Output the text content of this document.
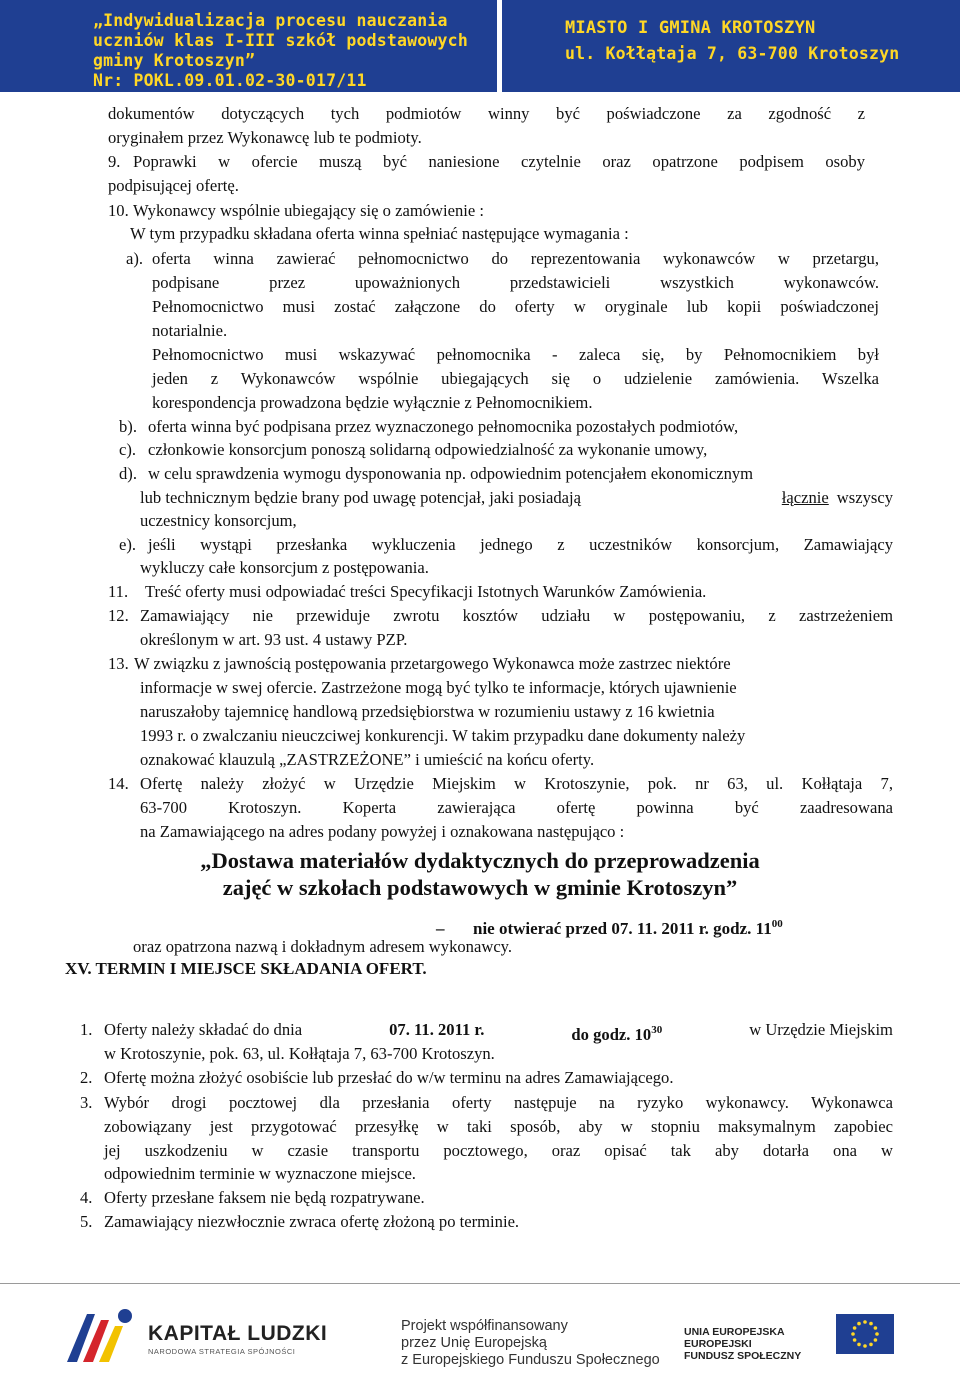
„Indywidualizacja procesu nauczania
uczniów klas I-III szkół podstawowych
gminy Krotoszyn”
Nr: POKL.09.01.02-30-017/11
MIASTO I GMINA KROTOSZYN
ul. Kołłątaja 7, 63-700 Krotoszyn
dokumentów dotyczących tych podmiotów winny być poświadczone za zgodność z
oryginałem przez Wykonawcę lub te podmioty.
9. Poprawki w ofercie muszą być naniesione czytelnie oraz opatrzone podpisem osoby
podpisującej ofertę.
10. Wykonawcy wspólnie ubiegający się o zamówienie :
W tym przypadku składana oferta winna spełniać następujące wymagania :
a). oferta winna zawierać pełnomocnictwo do reprezentowania wykonawców w przetargu,
podpisane przez upoważnionych przedstawicieli wszystkich wykonawców.
Pełnomocnictwo musi zostać załączone do oferty w oryginale lub kopii poświadczonej
notarialnie.
Pełnomocnictwo musi wskazywać pełnomocnika - zaleca się, by Pełnomocnikiem był
jeden z Wykonawców wspólnie ubiegających się o udzielenie zamówienia. Wszelka
korespondencja prowadzona będzie wyłącznie z Pełnomocnikiem.
b). oferta winna być podpisana przez wyznaczonego pełnomocnika pozostałych podmiotów,
c). członkowie konsorcjum ponoszą solidarną odpowiedzialność za wykonanie umowy,
d). w celu sprawdzenia wymogu dysponowania np. odpowiednim potencjałem ekonomicznym
lub technicznym będzie brany pod uwagę potencjał, jaki posiadają	łącznie wszyscy
uczestnicy konsorcjum,
e). jeśli wystąpi przesłanka wykluczenia jednego z uczestników konsorcjum, Zamawiający
wykluczy całe konsorcjum z postępowania.
11. Treść oferty musi odpowiadać treści Specyfikacji Istotnych Warunków Zamówienia.
12. Zamawiający nie przewiduje zwrotu kosztów udziału w postępowaniu, z zastrzeżeniem
określonym w art. 93 ust. 4 ustawy PZP.
13. W związku z jawnością postępowania przetargowego Wykonawca może zastrzec niektóre
informacje w swej ofercie. Zastrzeżone mogą być tylko te informacje, których ujawnienie
naruszałoby tajemnicę handlową przedsiębiorstwa w rozumieniu ustawy z 16 kwietnia
1993 r. o zwalczaniu nieuczciwej konkurencji. W takim przypadku dane dokumenty należy
oznakować klauzulą „ZASTRZEŻONE” i umieścić na końcu oferty.
14. Ofertę należy złożyć w Urzędzie Miejskim w Krotoszynie, pok. nr 63, ul. Kołłątaja 7,
63-700 Krotoszyn. Koperta zawierająca ofertę powinna być zaadresowana
na Zamawiającego na adres podany powyżej i oznakowana następująco :
„Dostawa materiałów dydaktycznych do przeprowadzenia
zajęć w szkołach podstawowych w gminie Krotoszyn”
– nie otwierać przed 07. 11. 2011 r. godz. $11^{00}$
oraz opatrzona nazwą i dokładnym adresem wykonawcy.
XV. TERMIN I MIEJSCE SKŁADANIA OFERT.
1. Oferty należy składać do dnia	07. 11. 2011 r.	do godz. $10^{30}$	w Urzędzie Miejskim
w Krotoszynie, pok. 63, ul. Kołłątaja 7, 63-700 Krotoszyn.
2. Ofertę można złożyć osobiście lub przesłać do w/w terminu na adres Zamawiającego.
3. Wybór drogi pocztowej dla przesłania oferty następuje na ryzyko wykonawcy. Wykonawca
zobowiązany jest przygotować przesyłkę w taki sposób, aby w stopniu maksymalnym zapobiec
jej uszkodzeniu w czasie transportu pocztowego, oraz opisać tak aby dotarła ona w
odpowiednim terminie w wyznaczone miejsce.
4. Oferty przesłane faksem nie będą rozpatrywane.
5. Zamawiający niezwłocznie zwraca ofertę złożoną po terminie.
KAPITAŁ LUDZKI
NARODOWA STRATEGIA SPÓJNOŚCI
Projekt współfinansowany
przez Unię Europejską
z Europejskiego Funduszu Społecznego
UNIA EUROPEJSKA
EUROPEJSKI
FUNDUSZ SPOŁECZNY
